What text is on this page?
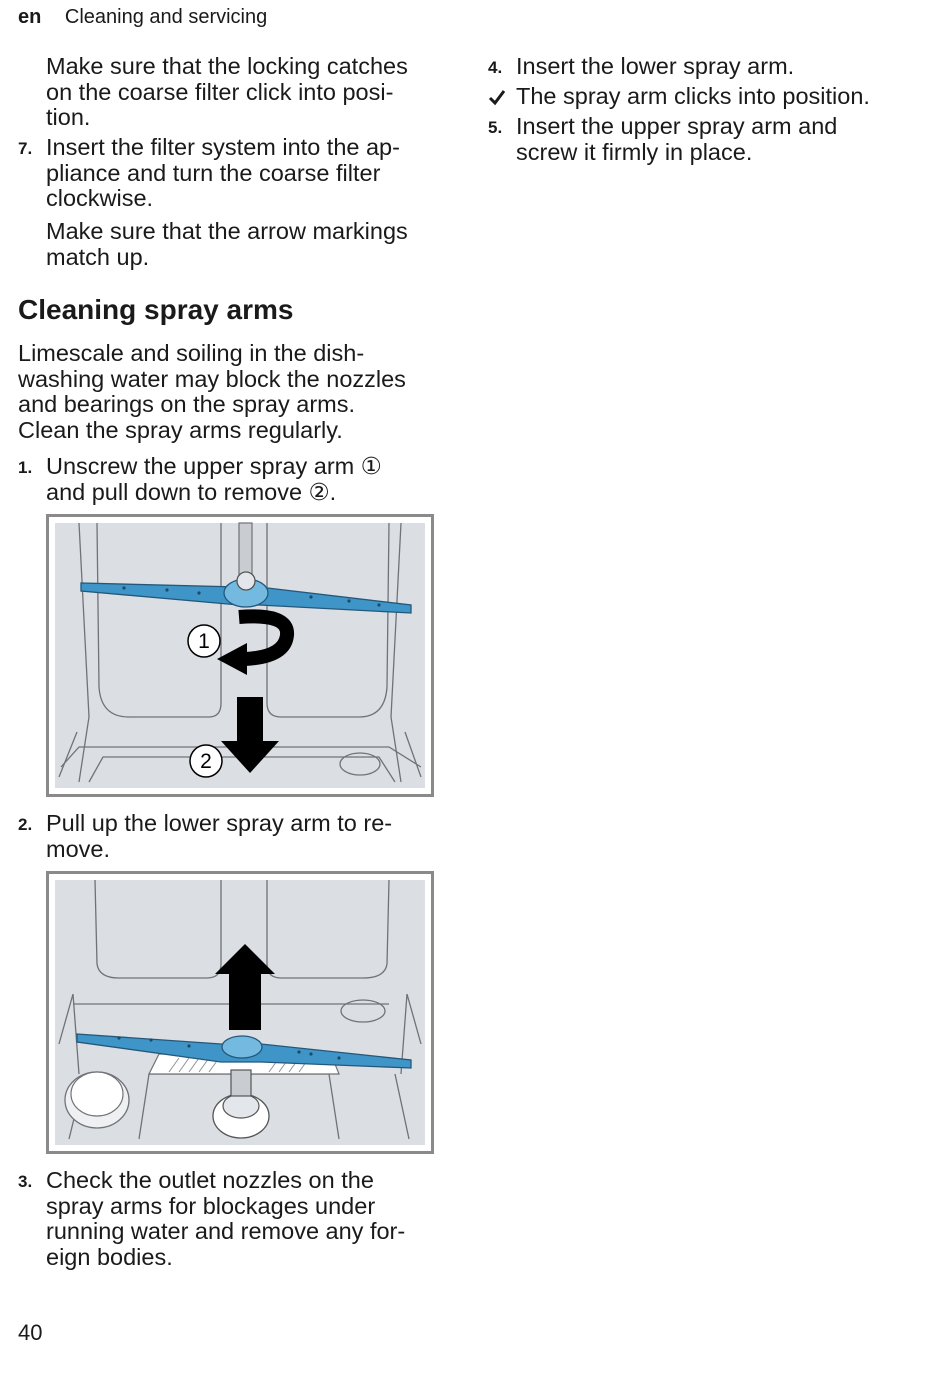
en Cleaning and servicing
Make sure that the locking catches
on the coarse filter click into posi-
tion.
7. Insert the filter system into the ap-
pliance and turn the coarse filter
clockwise.
Make sure that the arrow markings
match up.
Cleaning spray arms
Limescale and soiling in the dish-
washing water may block the nozzles
and bearings on the spray arms.
Clean the spray arms regularly.
1. Unscrew the upper spray arm ①
and pull down to remove ②.
1
2
2. Pull up the lower spray arm to re-
move.
3. Check the outlet nozzles on the
spray arms for blockages under
running water and remove any for-
eign bodies.
4. Insert the lower spray arm.
The spray arm clicks into position.
5. Insert the upper spray arm and
screw it firmly in place.
40
